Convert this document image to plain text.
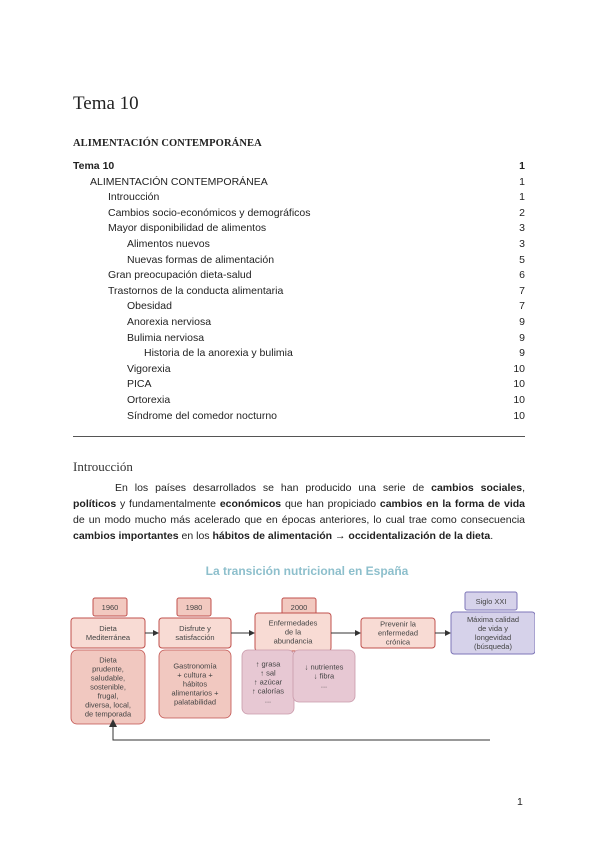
Tema 10
ALIMENTACIÓN CONTEMPORÁNEA
Tema 10	1
ALIMENTACIÓN CONTEMPORÁNEA	1
Introucción	1
Cambios socio-económicos y demográficos	2
Mayor disponibilidad de alimentos	3
Alimentos nuevos	3
Nuevas formas de alimentación	5
Gran preocupación dieta-salud	6
Trastornos de la conducta alimentaria	7
Obesidad	7
Anorexia nerviosa	9
Bulimia nerviosa	9
Historia de la anorexia y bulimia	9
Vigorexia	10
PICA	10
Ortorexia	10
Síndrome del comedor nocturno	10
Introucción
En los países desarrollados se han producido una serie de cambios sociales, políticos y fundamentalmente económicos que han propiciado cambios en la forma de vida de un modo mucho más acelerado que en épocas anteriores, lo cual trae como consecuencia cambios importantes en los hábitos de alimentación → occidentalización de la dieta.
La transición nutricional en España
1960	1980	2000
Siglo XXI
Dieta
Mediterránea
Disfrute y
satisfacción
Enfermedades
de la
abundancia
Prevenir la
enfermedad
crónica
Máxima calidad
de vida y
longevidad
(búsqueda)
Dieta
prudente,
saludable,
sostenible,
frugal,
diversa, local,
de temporada
Gastronomía
+ cultura +
hábitos
alimentarios +
palatabilidad
↑ grasa
↑ sal
↑ azúcar
↑ calorías
...
↓ nutrientes
↓ fibra
...
1
